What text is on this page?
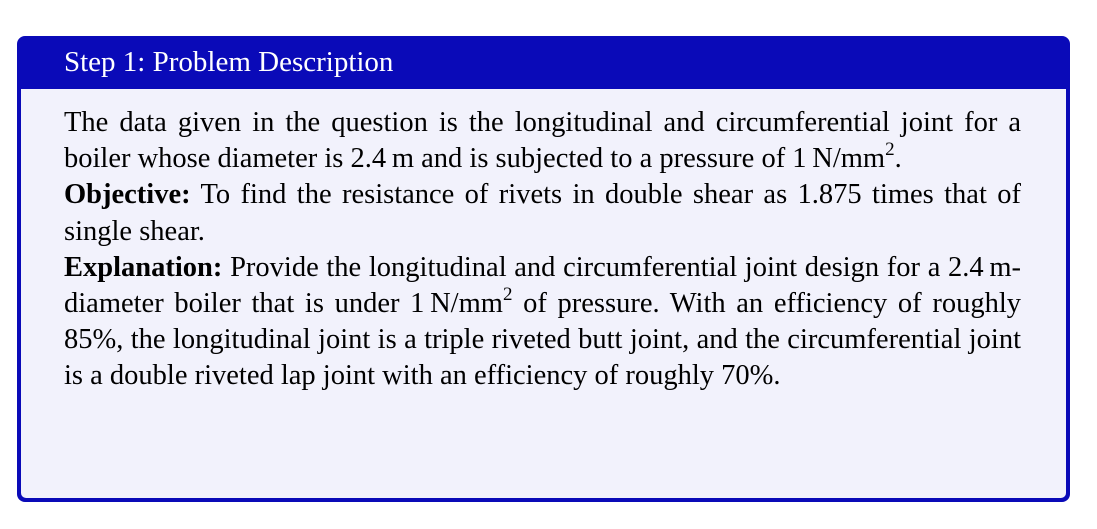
Step 1: Problem Description

The data given in the question is the longitudinal and circumferential joint for a boiler whose diameter is 2.4 m and is subjected to a pressure of 1 $N/mm^2$.

Objective: To find the resistance of rivets in double shear as 1.875 times that of single shear.

Explanation: Provide the longitudinal and circumferential joint design for a 2.4 m-diameter boiler that is under 1 $N/mm^2$ of pressure. With an efficiency of roughly 85%, the longitudinal joint is a triple riveted butt joint, and the circumferential joint is a double riveted lap joint with an efficiency of roughly 70%.
